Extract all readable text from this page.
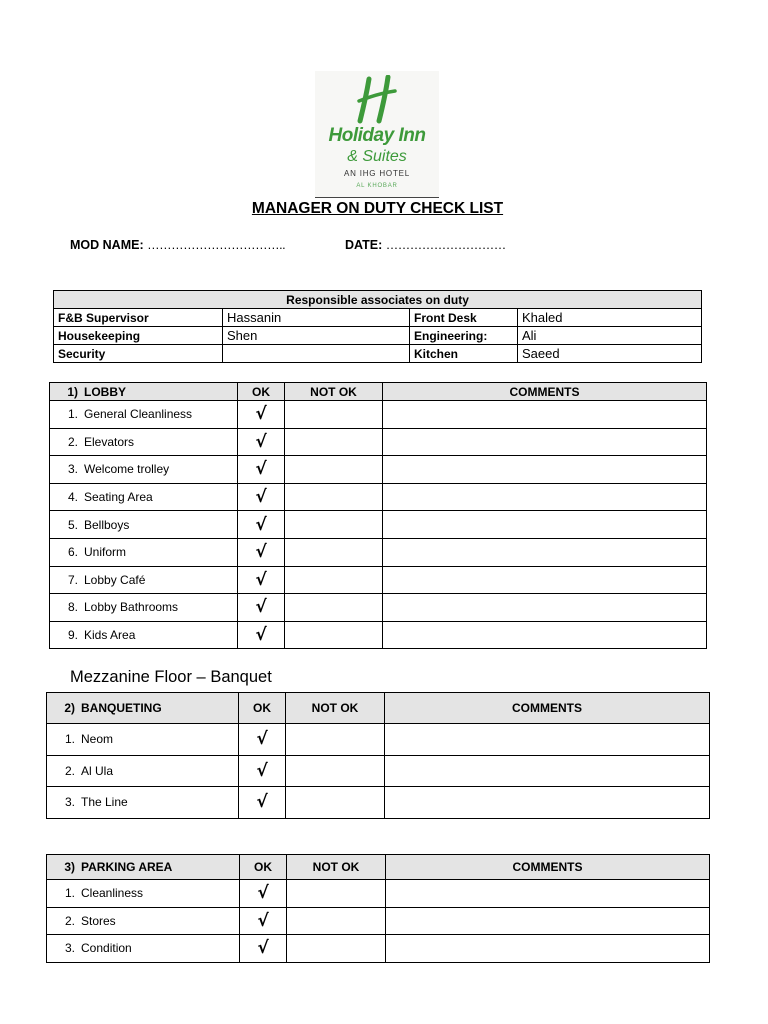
Holiday Inn
& Suites
AN IHG HOTEL
AL KHOBAR
MANAGER ON DUTY CHECK LIST
MOD NAME: ……………………………..	DATE: …………………………
Responsible associates on duty			
F&B Supervisor	Hassanin	Front Desk	Khaled
Housekeeping	Shen	Engineering:	Ali
Security		Kitchen	Saeed
1) LOBBY	OK	NOT OK	COMMENTS
1. General Cleanliness	√		
2. Elevators	√		
3. Welcome trolley	√		
4. Seating Area	√		
5. Bellboys	√		
6. Uniform	√		
7. Lobby Café	√		
8. Lobby Bathrooms	√		
9. Kids Area	√		
Mezzanine Floor – Banquet
2) BANQUETING	OK	NOT OK	COMMENTS
1. Neom	√		
2. Al Ula	√		
3. The Line	√		
3) PARKING AREA	OK	NOT OK	COMMENTS
1. Cleanliness	√		
2. Stores	√		
3. Condition	√		
